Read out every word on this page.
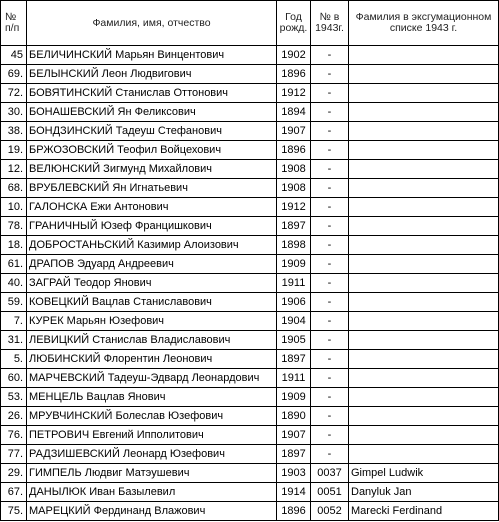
№ п/п	Фамилия, имя, отчество	Год рожд.	№ в 1943г.	Фамилия в эксгумационном списке 1943 г.
45	БЕЛИЧИНСКИЙ Марьян Винцентович	1902	-	
69.	БЕЛЫНСКИЙ Леон Людвигович	1896	-	
72.	БОВЯТИНСКИЙ Станислав Оттонович	1912	-	
30.	БОНАШЕВСКИЙ Ян Феликсович	1894	-	
38.	БОНДЗИНСКИЙ Тадеуш Стефанович	1907	-	
19.	БРЖОЗОВСКИЙ Теофил Войцехович	1896	-	
12.	ВЕЛЮНСКИЙ Зигмунд Михайлович	1908	-	
68.	ВРУБЛЕВСКИЙ Ян Игнатьевич	1908	-	
10.	ГАЛОНСКА Ежи Антонович	1912	-	
78.	ГРАНИЧНЫЙ Юзеф Францишкович	1897	-	
18.	ДОБРОСТАНЬСКИЙ Казимир Алоизович	1898	-	
61.	ДРАПОВ Эдуард Андреевич	1909	-	
40.	ЗАГРАЙ Теодор Янович	1911	-	
59.	КОВЕЦКИЙ Вацлав Станиславович	1906	-	
7.	КУРЕК Марьян Юзефович	1904	-	
31.	ЛЕВИЦКИЙ Станислав Владиславович	1905	-	
5.	ЛЮБИНСКИЙ Флорентин Леонович	1897	-	
60.	МАРЧЕВСКИЙ Тадеуш-Эдвард Леонардович	1911	-	
53.	МЕНЦЕЛЬ Вацлав Янович	1909	-	
26.	МРУВЧИНСКИЙ Болеслав Юзефович	1890	-	
76.	ПЕТРОВИЧ Евгений Ипполитович	1907	-	
77.	РАДЗИШЕВСКИЙ Леонард Юзефович	1897	-	
29.	ГИМПЕЛЬ Людвиг Матэушевич	1903	0037	Gimpel Ludwik
67.	ДАНЫЛЮК Иван Базылевил	1914	0051	Danyluk Jan
75.	МАРЕЦКИЙ Фердинанд Влажович	1896	0052	Marecki Ferdinand
